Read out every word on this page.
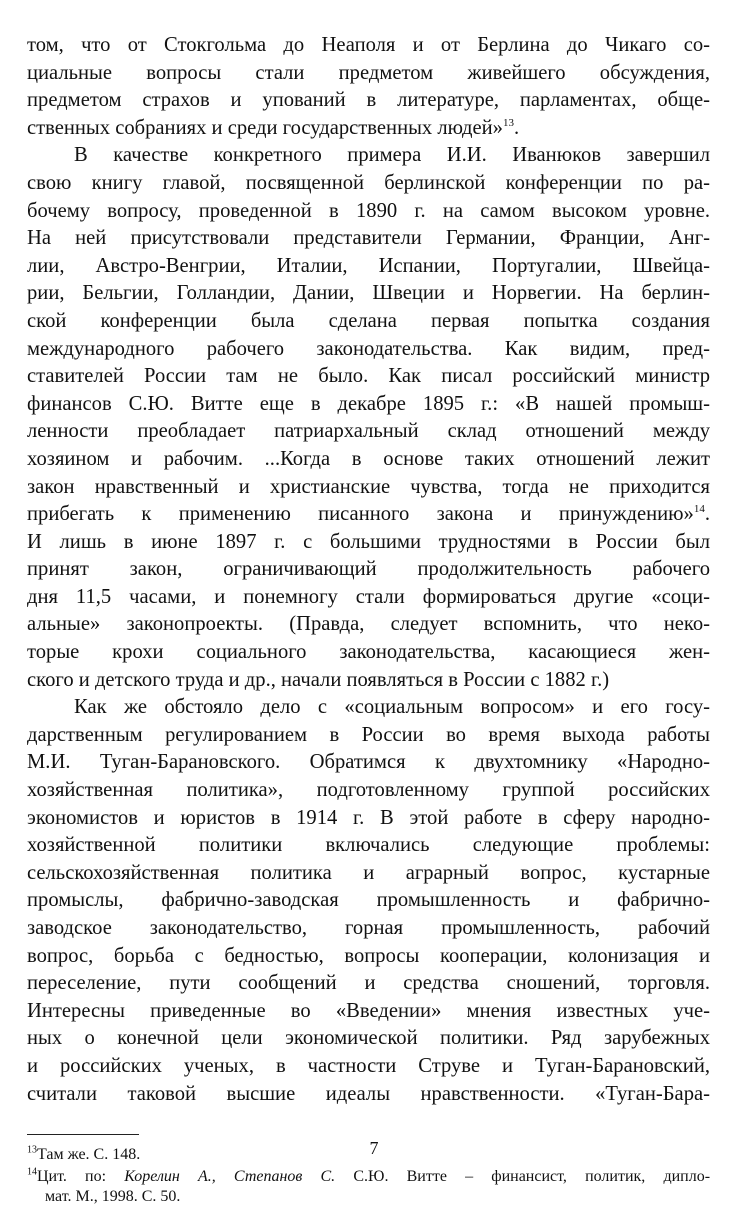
том, что от Стокгольма до Неаполя и от Берлина до Чикаго со-
циальные вопросы стали предметом живейшего обсуждения,
предметом страхов и упований в литературе, парламентах, обще-
ственных собраниях и среди государственных людей»$^{13}$.

В качестве конкретного примера И.И. Иванюков завершил
свою книгу главой, посвященной берлинской конференции по ра-
бочему вопросу, проведенной в 1890 г. на самом высоком уровне.
На ней присутствовали представители Германии, Франции, Анг-
лии, Австро-Венгрии, Италии, Испании, Португалии, Швейца-
рии, Бельгии, Голландии, Дании, Швеции и Норвегии. На берлин-
ской конференции была сделана первая попытка создания
международного рабочего законодательства. Как видим, пред-
ставителей России там не было. Как писал российский министр
финансов С.Ю. Витте еще в декабре 1895 г.: «В нашей промыш-
ленности преобладает патриархальный склад отношений между
хозяином и рабочим. ...Когда в основе таких отношений лежит
закон нравственный и христианские чувства, тогда не приходится
прибегать к применению писанного закона и принуждению»$^{14}$.
И лишь в июне 1897 г. с большими трудностями в России был
принят закон, ограничивающий продолжительность рабочего
дня 11,5 часами, и понемногу стали формироваться другие «соци-
альные» законопроекты. (Правда, следует вспомнить, что неко-
торые крохи социального законодательства, касающиеся жен-
ского и детского труда и др., начали появляться в России с 1882 г.)

Как же обстояло дело с «социальным вопросом» и его госу-
дарственным регулированием в России во время выхода работы
М.И. Туган-Барановского. Обратимся к двухтомнику «Народно-
хозяйственная политика», подготовленному группой российских
экономистов и юристов в 1914 г. В этой работе в сферу народно-
хозяйственной политики включались следующие проблемы:
сельскохозяйственная политика и аграрный вопрос, кустарные
промыслы, фабрично-заводская промышленность и фабрично-
заводское законодательство, горная промышленность, рабочий
вопрос, борьба с бедностью, вопросы кооперации, колонизация и
переселение, пути сообщений и средства сношений, торговля.
Интересны приведенные во «Введении» мнения известных уче-
ных о конечной цели экономической политики. Ряд зарубежных
и российских ученых, в частности Струве и Туган-Барановский,
считали таковой высшие идеалы нравственности. «Туган-Бара-

$^{13}$Там же. С. 148.
$^{14}$Цит. по: Корелин А., Степанов С. С.Ю. Витте – финансист, политик, дипло-
мат. М., 1998. С. 50.
7
